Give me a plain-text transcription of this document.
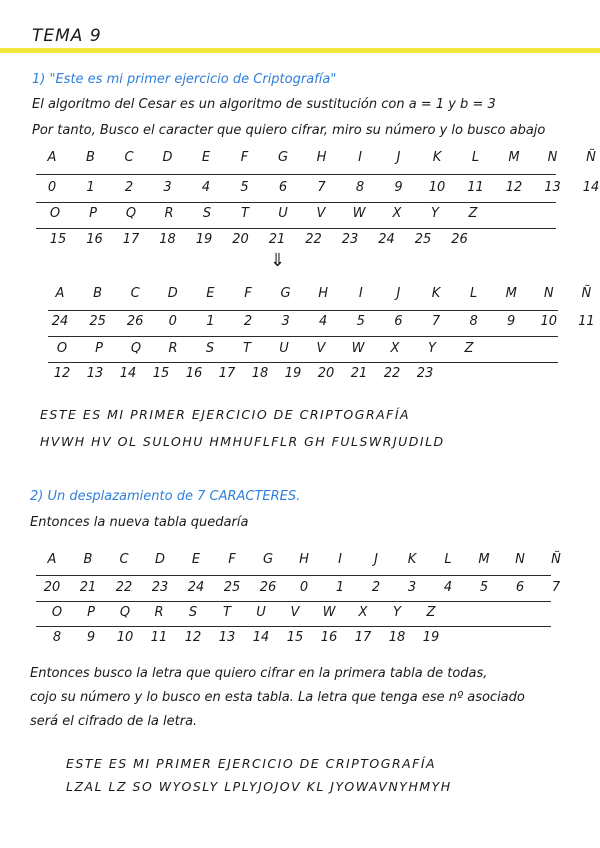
TEMA 9
1) "Este es mi primer ejercicio de Criptografía"
El algoritmo del Cesar es un algoritmo de sustitución con a = 1 y b = 3
Por tanto, Busco el caracter que quiero cifrar, miro su número y lo busco abajo
A	B	C	D	E	F	G	H	I	J	K	L	M	N	Ñ
0	1	2	3	4	5	6	7	8	9	10	11	12	13	14
O	P	Q	R	S	T	U	V	W	X	Y	Z
15	16	17	18	19	20	21	22	23	24	25	26
⇓
A	B	C	D	E	F	G	H	I	J	K	L	M	N	Ñ
24	25	26	0	1	2	3	4	5	6	7	8	9	10	11
O	P	Q	R	S	T	U	V	W	X	Y	Z
12	13	14	15	16	17	18	19	20	21	22	23
ESTE ES MI PRIMER EJERCICIO DE CRIPTOGRAFÍA
HVWH HV OL SULOHU HMHUFLFLR GH FULSWRJUDILD
2) Un desplazamiento de 7 CARACTERES.
Entonces la nueva tabla quedaría
A	B	C	D	E	F	G	H	I	J	K	L	M	N	Ñ
20	21	22	23	24	25	26	0	1	2	3	4	5	6	7
O	P	Q	R	S	T	U	V	W	X	Y	Z
8	9	10	11	12	13	14	15	16	17	18	19
Entonces busco la letra que quiero cifrar en la primera tabla de todas,
cojo su número y lo busco en esta tabla. La letra que tenga ese nº asociado
será el cifrado de la letra.
ESTE ES MI PRIMER EJERCICIO DE CRIPTOGRAFÍA
LZAL LZ SO WYOSLY LPLYJOJOV KL JYOWAVNYHMYH
